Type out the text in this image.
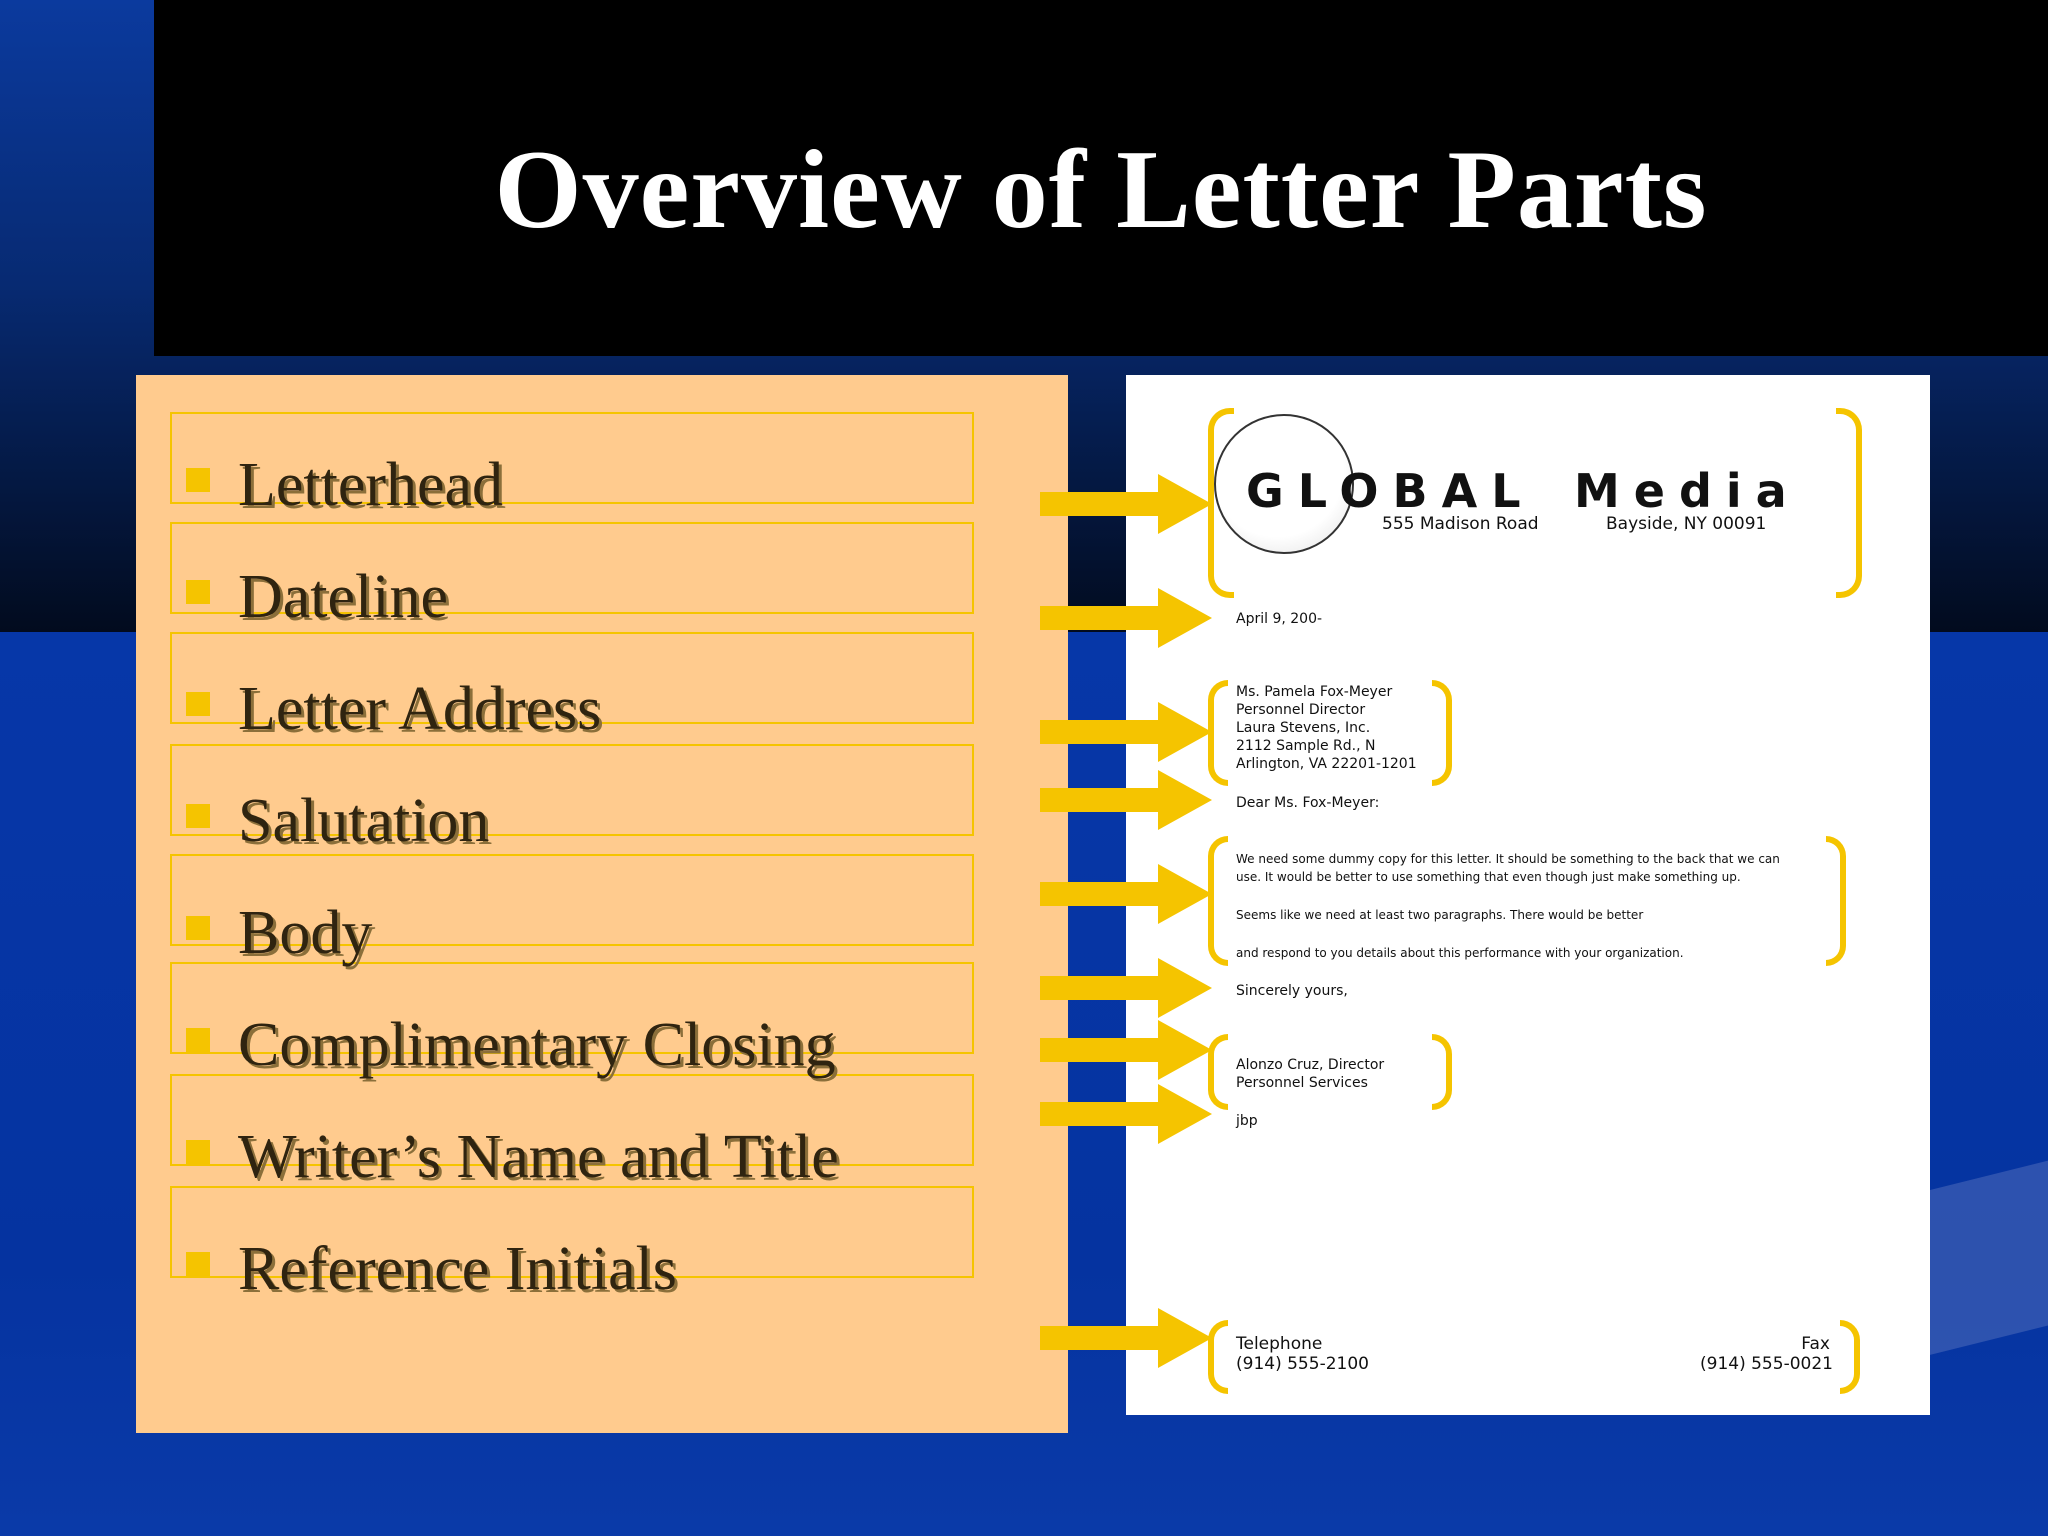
Overview of Letter Parts
Letterhead
Dateline
Letter Address
Salutation
Body
Complimentary Closing
Writer’s Name and Title
Reference Initials
GLOBAL Media
555 Madison Road	Bayside, NY 00091
April 9, 200-
Ms. Pamela Fox-Meyer
Personnel Director
Laura Stevens, Inc.
2112 Sample Rd., N
Arlington, VA 22201-1201
Dear Ms. Fox-Meyer:
We need some dummy copy for this letter. It should be something to the back that we can
use. It would be better to use something that even though just make something up.
Seems like we need at least two paragraphs. There would be better
and respond to you details about this performance with your organization.
Sincerely yours,
Alonzo Cruz, Director
Personnel Services
jbp
Telephone
(914) 555-2100
Fax
(914) 555-0021
